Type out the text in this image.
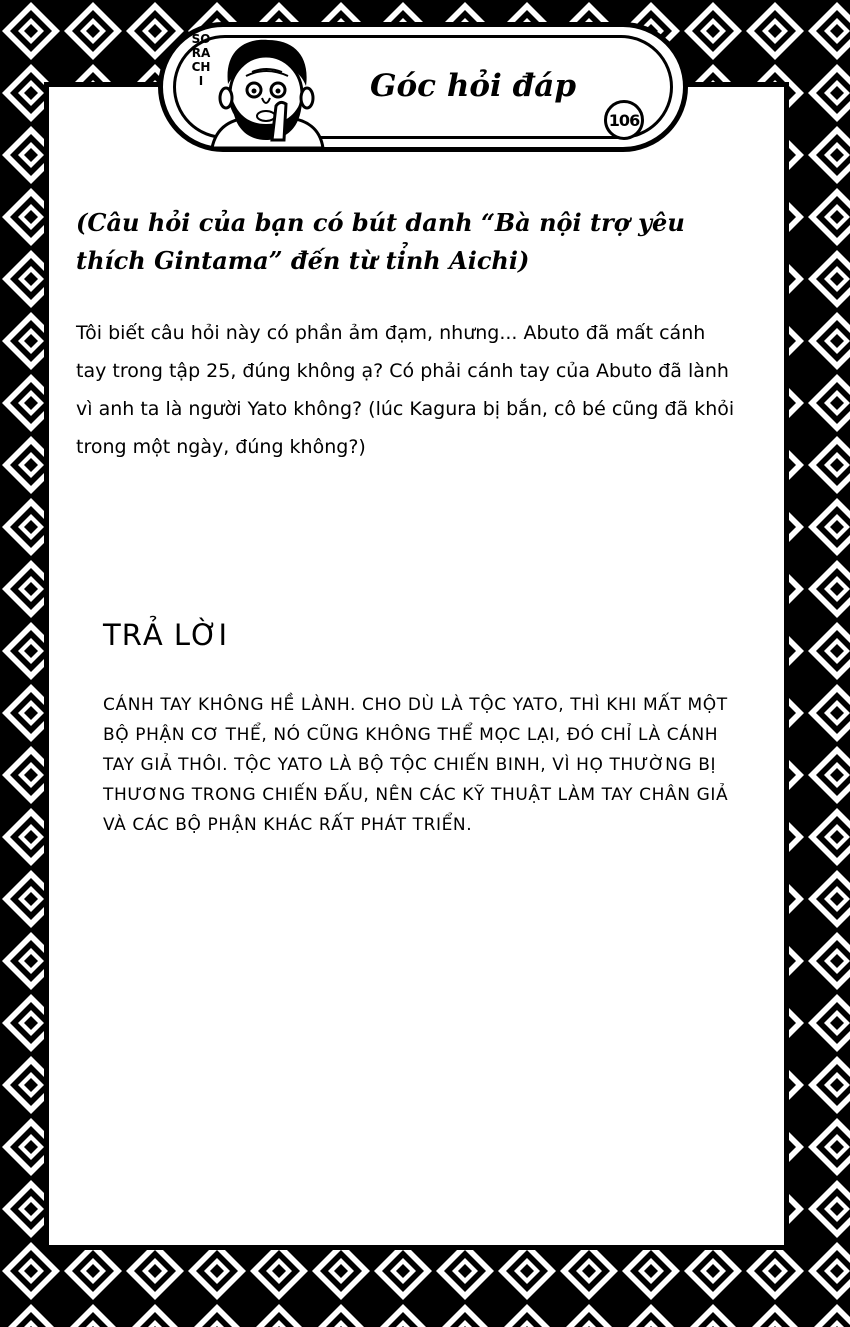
SORACHI	Góc hỏi đáp
106
(Câu hỏi của bạn có bút danh “Bà nội trợ yêu thích Gintama” đến từ tỉnh Aichi)
Tôi biết câu hỏi này có phần ảm đạm, nhưng... Abuto đã mất cánh tay trong tập 25, đúng không ạ? Có phải cánh tay của Abuto đã lành vì anh ta là người Yato không? (lúc Kagura bị bắn, cô bé cũng đã khỏi trong một ngày, đúng không?)
TRẢ LỜI
CÁNH TAY KHÔNG HỀ LÀNH. CHO DÙ LÀ TỘC YATO, THÌ KHI MẤT MỘT BỘ PHẬN CƠ THỂ, NÓ CŨNG KHÔNG THỂ MỌC LẠI, ĐÓ CHỈ LÀ CÁNH TAY GIẢ THÔI. TỘC YATO LÀ BỘ TỘC CHIẾN BINH, VÌ HỌ THƯỜNG BỊ THƯƠNG TRONG CHIẾN ĐẤU, NÊN CÁC KỸ THUẬT LÀM TAY CHÂN GIẢ VÀ CÁC BỘ PHẬN KHÁC RẤT PHÁT TRIỂN.
